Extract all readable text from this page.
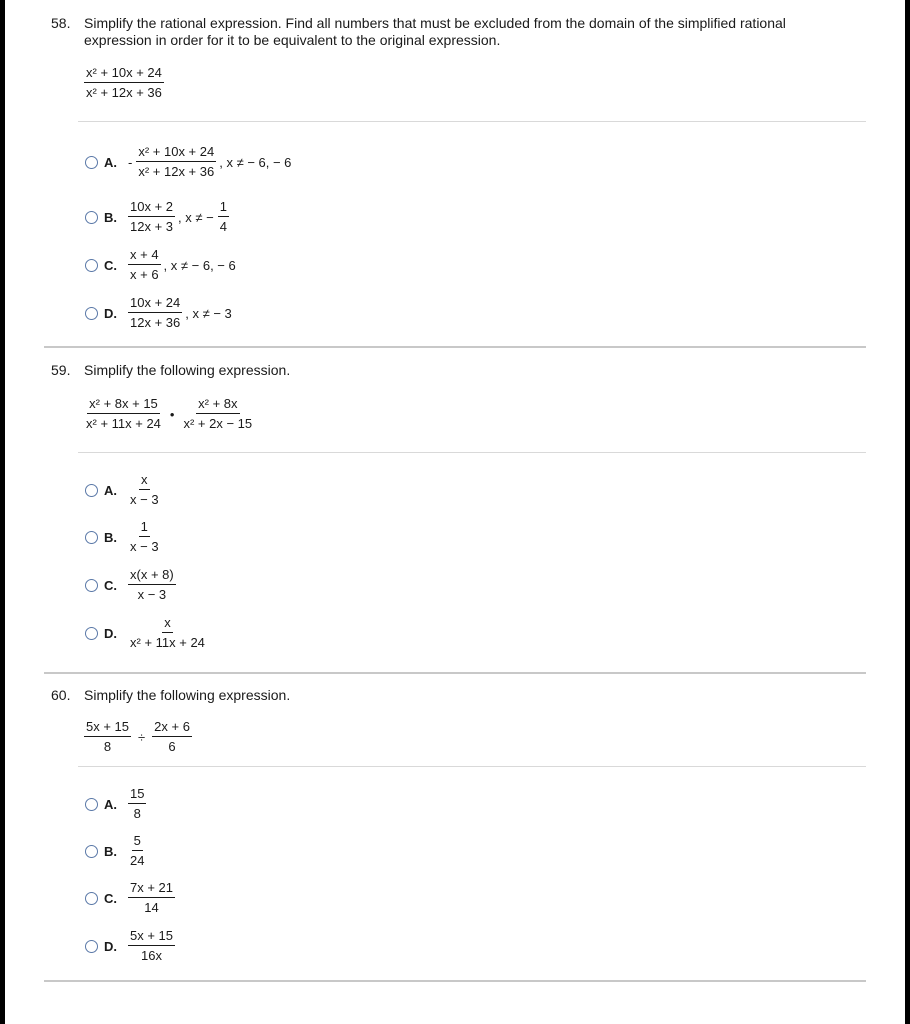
58. Simplify the rational expression. Find all numbers that must be excluded from the domain of the simplified rational expression in order for it to be equivalent to the original expression.
$\frac{\text{x² + 10x + 24}}{\text{x² + 12x + 36}}$
A. - $\frac{\text{x² + 10x + 24}}{\text{x² + 12x + 36}}$ , x ≠ − 6, − 6
B. $\frac{10x + 2}{12x + 3}$ , x ≠ − $\frac{1}{4}$
C. $\frac{x + 4}{x + 6}$ , x ≠ − 6, − 6
D. $\frac{10x + 24}{12x + 36}$ , x ≠ − 3
59. Simplify the following expression.
$\frac{\text{x² + 8x + 15}}{\text{x² + 11x + 24}}$ • $\frac{\text{x² + 8x}}{\text{x² + 2x − 15}}$
A. $\frac{x}{x - 3}$
B. $\frac{1}{x - 3}$
C. $\frac{x(x + 8)}{x - 3}$
D. $\frac{x}{\text{x² + 11x + 24}}$
60. Simplify the following expression.
$\frac{5x + 15}{8} \div \frac{2x + 6}{6}$
A. $\frac{15}{8}$
B. $\frac{5}{24}$
C. $\frac{7x + 21}{14}$
D. $\frac{5x + 15}{16x}$
